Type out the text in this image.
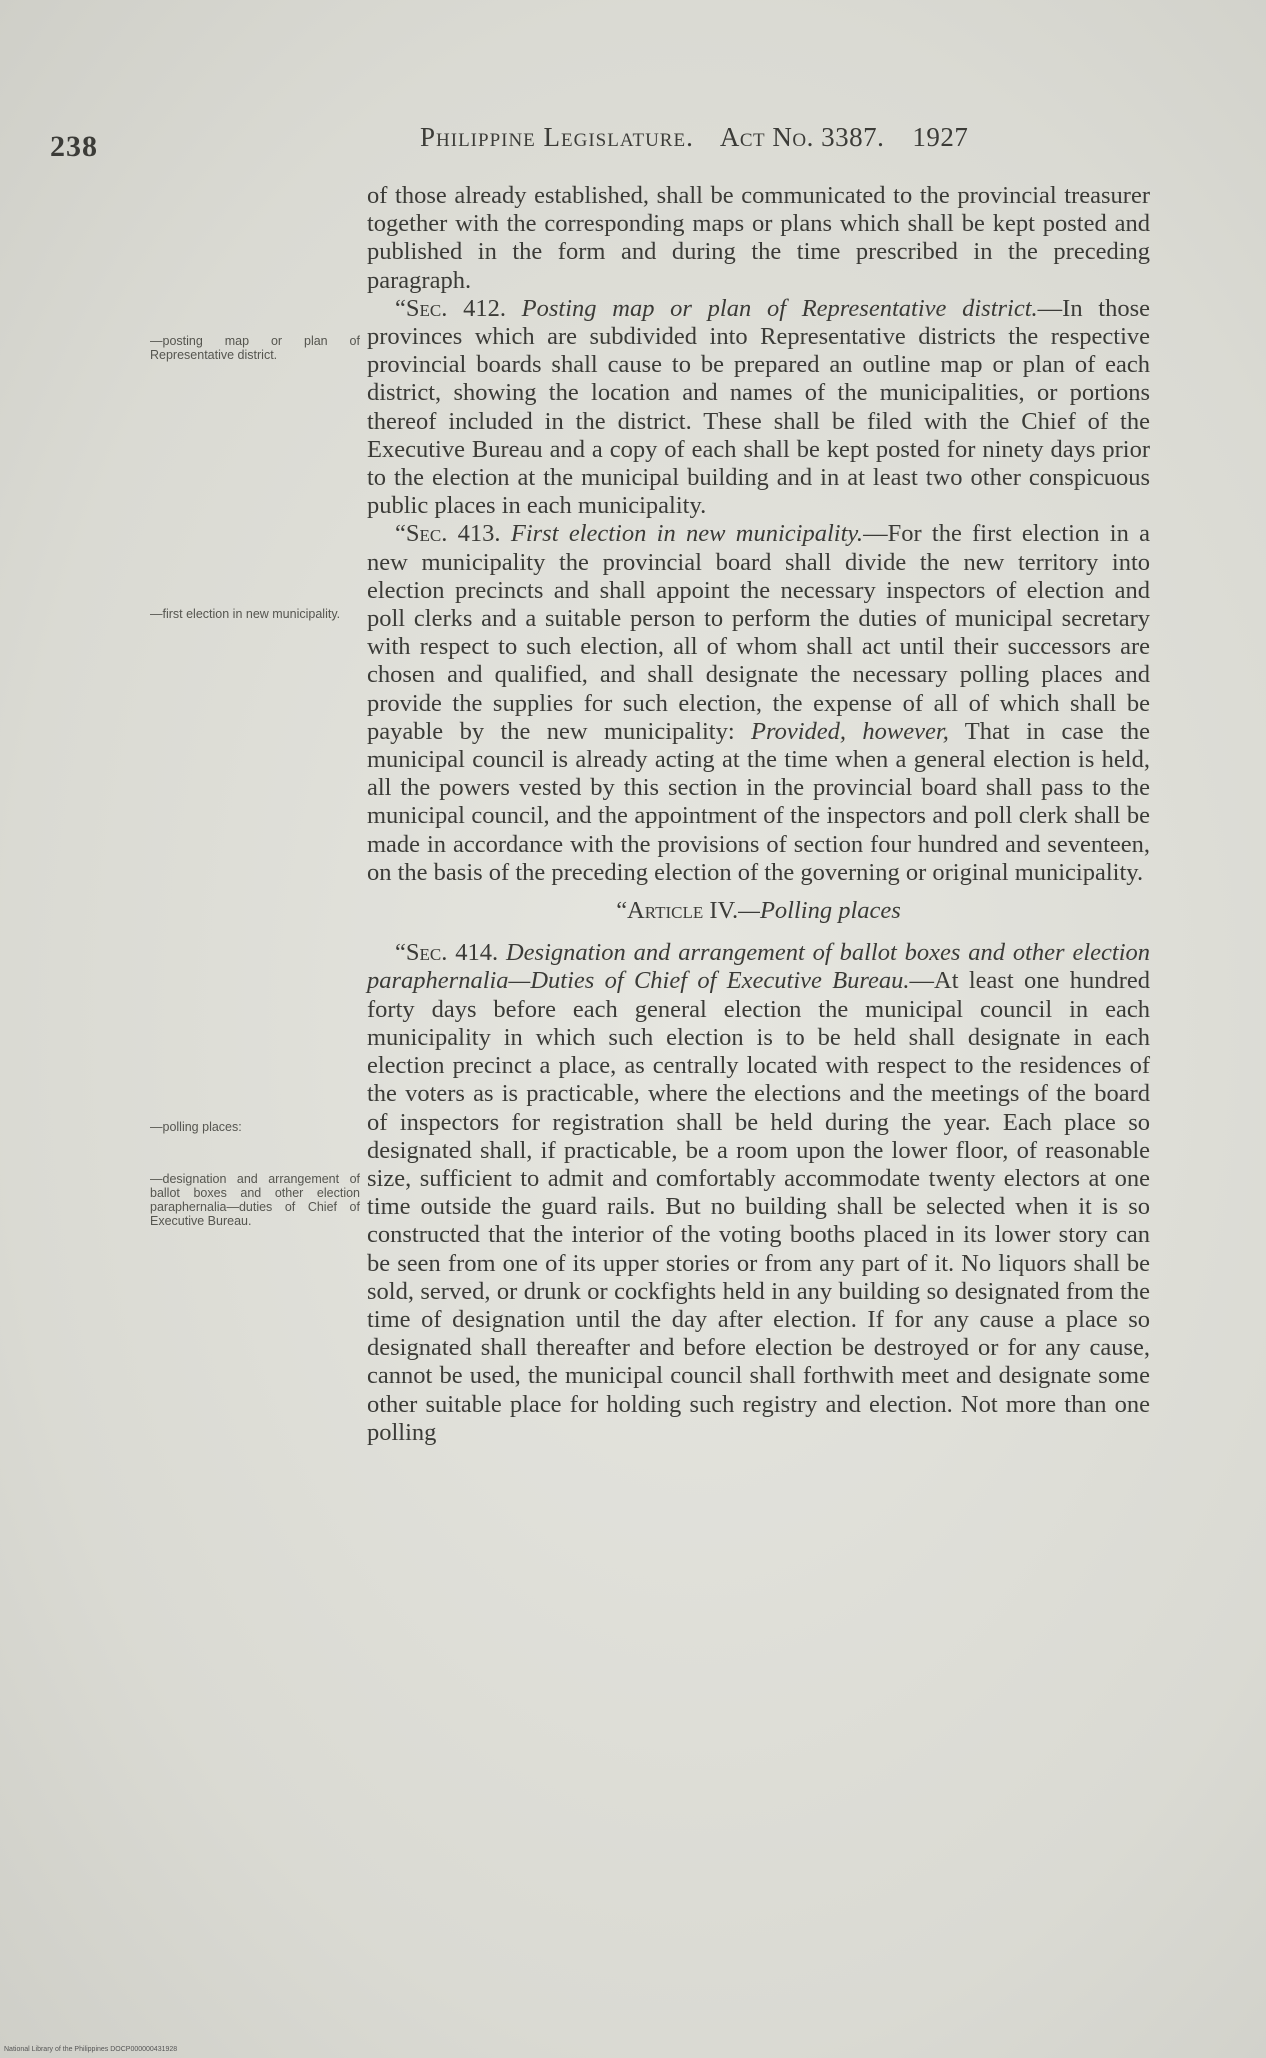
238	Philippine Legislature. Act No. 3387. 1927
—posting map or plan of Representative district.
—first election in new municipality.
—polling places:
—designation and arrangement of ballot boxes and other election paraphernalia—duties of Chief of Executive Bureau.

of those already established, shall be communicated to the provincial treasurer together with the corresponding maps or plans which shall be kept posted and published in the form and during the time prescribed in the preceding paragraph.

“Sec. 412. Posting map or plan of Representative district.—In those provinces which are subdivided into Representative districts the respective provincial boards shall cause to be prepared an outline map or plan of each district, showing the location and names of the municipalities, or portions thereof included in the district. These shall be filed with the Chief of the Executive Bureau and a copy of each shall be kept posted for ninety days prior to the election at the municipal building and in at least two other conspicuous public places in each municipality.

“Sec. 413. First election in new municipality.—For the first election in a new municipality the provincial board shall divide the new territory into election precincts and shall appoint the necessary inspectors of election and poll clerks and a suitable person to perform the duties of municipal secretary with respect to such election, all of whom shall act until their successors are chosen and qualified, and shall designate the necessary polling places and provide the supplies for such election, the expense of all of which shall be payable by the new municipality: Provided, however, That in case the municipal council is already acting at the time when a general election is held, all the powers vested by this section in the provincial board shall pass to the municipal council, and the appointment of the inspectors and poll clerk shall be made in accordance with the provisions of section four hundred and seventeen, on the basis of the preceding election of the governing or original municipality.

“Article IV.—Polling places

“Sec. 414. Designation and arrangement of ballot boxes and other election paraphernalia—Duties of Chief of Executive Bureau.—At least one hundred forty days before each general election the municipal council in each municipality in which such election is to be held shall designate in each election precinct a place, as centrally located with respect to the residences of the voters as is practicable, where the elections and the meetings of the board of inspectors for registration shall be held during the year. Each place so designated shall, if practicable, be a room upon the lower floor, of reasonable size, sufficient to admit and comfortably accommodate twenty electors at one time outside the guard rails. But no building shall be selected when it is so constructed that the interior of the voting booths placed in its lower story can be seen from one of its upper stories or from any part of it. No liquors shall be sold, served, or drunk or cockfights held in any building so designated from the time of designation until the day after election. If for any cause a place so designated shall thereafter and before election be destroyed or for any cause, cannot be used, the municipal council shall forthwith meet and designate some other suitable place for holding such registry and election. Not more than one polling

National Library of the Philippines DOCP000000431928
